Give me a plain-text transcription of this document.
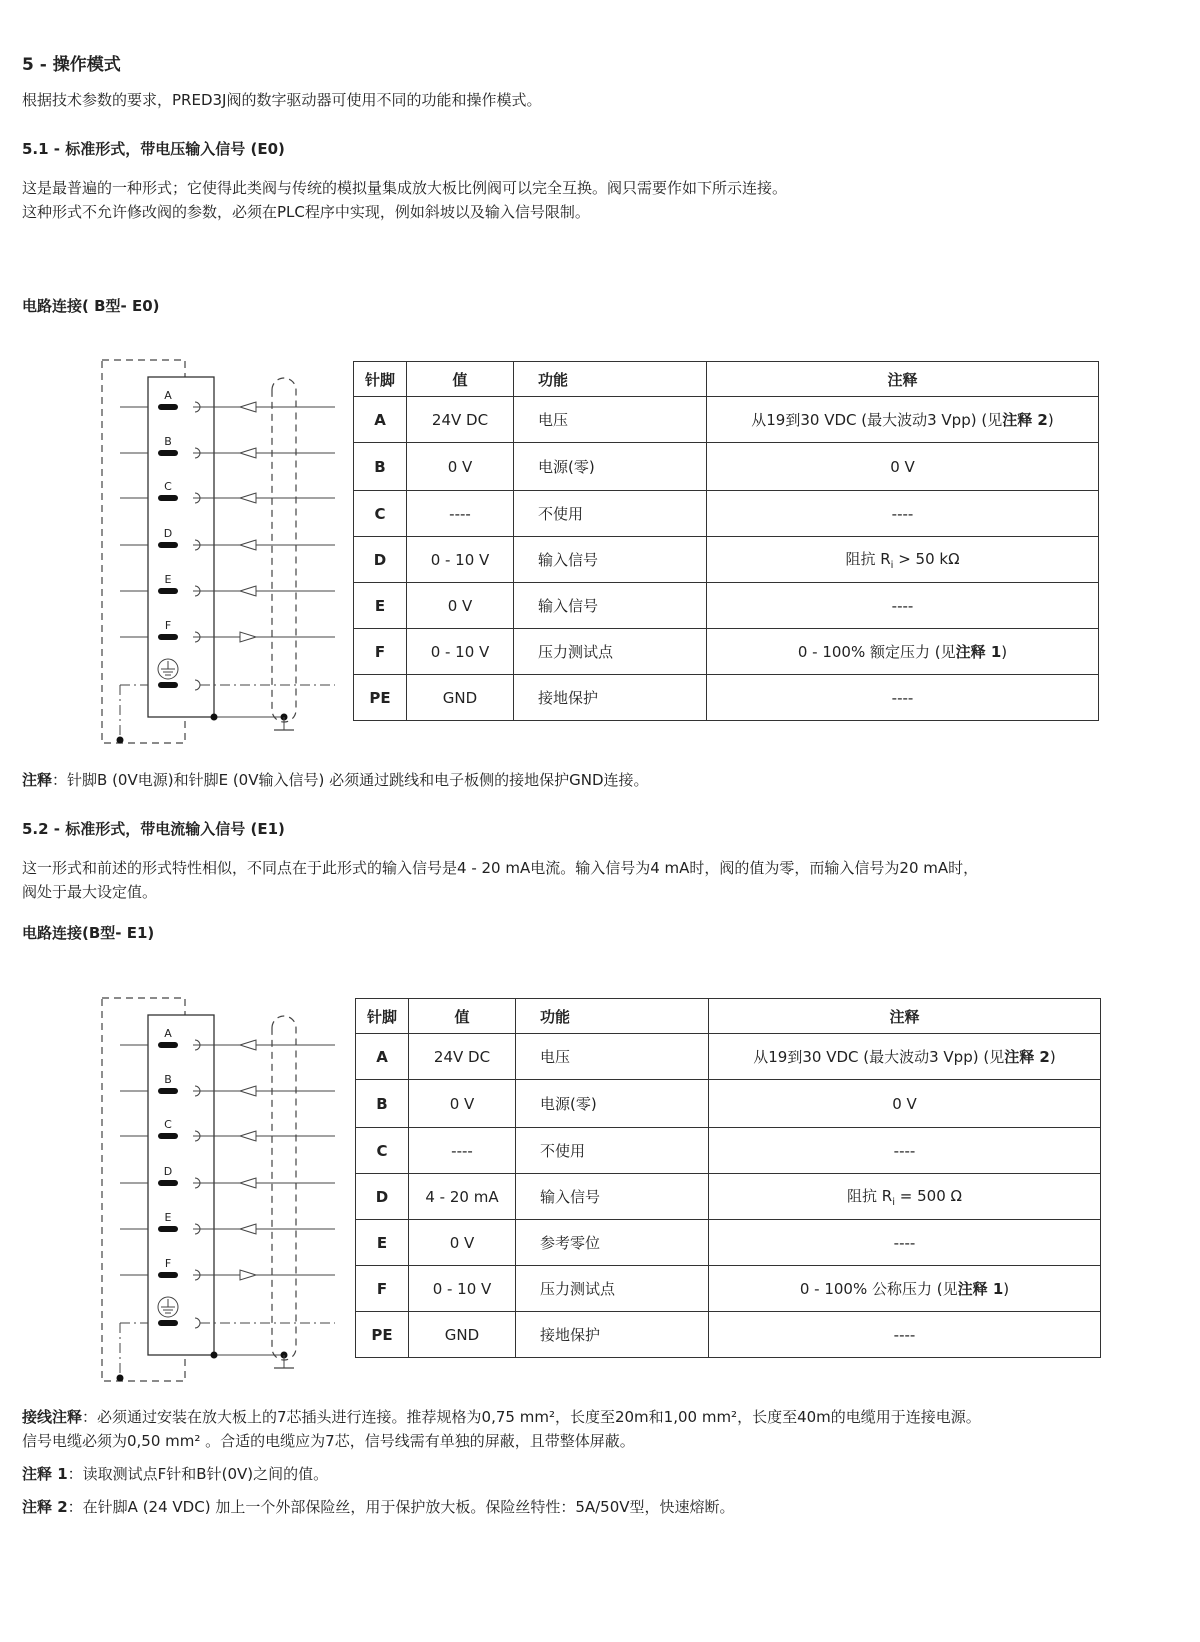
5 - 操作模式
根据技术参数的要求，PRED3J阀的数字驱动器可使用不同的功能和操作模式。
5.1 - 标准形式，带电压输入信号 (E0)
这是最普遍的一种形式；它使得此类阀与传统的模拟量集成放大板比例阀可以完全互换。阀只需要作如下所示连接。
这种形式不允许修改阀的参数，必须在PLC程序中实现，例如斜坡以及输入信号限制。
电路连接( B型- E0)
A
B
C
D
E
F
针脚	值	功能	注释
A	24V DC	电压	从19到30 VDC (最大波动3 Vpp) (见注释 2)
B	0 V	电源(零)	0 V
C	----	不使用	----
D	0 - 10 V	输入信号	阻抗 $R_i > 50$ kΩ
E	0 V	输入信号	----
F	0 - 10 V	压力测试点	0 - 100% 额定压力 (见注释 1)
PE	GND	接地保护	----
注释：针脚B (0V电源)和针脚E (0V输入信号) 必须通过跳线和电子板侧的接地保护GND连接。
5.2 - 标准形式，带电流输入信号 (E1)
这一形式和前述的形式特性相似，不同点在于此形式的输入信号是4 - 20 mA电流。输入信号为4 mA时，阀的值为零，而输入信号为20 mA时，
阀处于最大设定值。
电路连接(B型- E1)
A
B
C
D
E
F
针脚	值	功能	注释
A	24V DC	电压	从19到30 VDC (最大波动3 Vpp) (见注释 2)
B	0 V	电源(零)	0 V
C	----	不使用	----
D	4 - 20 mA	输入信号	阻抗 $R_i = 500$ Ω
E	0 V	参考零位	----
F	0 - 10 V	压力测试点	0 - 100% 公称压力 (见注释 1)
PE	GND	接地保护	----
接线注释：必须通过安装在放大板上的7芯插头进行连接。推荐规格为0,75 mm²，长度至20m和1,00 mm²，长度至40m的电缆用于连接电源。
信号电缆必须为0,50 mm² 。合适的电缆应为7芯，信号线需有单独的屏蔽，且带整体屏蔽。
注释 1：读取测试点F针和B针(0V)之间的值。
注释 2：在针脚A (24 VDC) 加上一个外部保险丝，用于保护放大板。保险丝特性：5A/50V型，快速熔断。
